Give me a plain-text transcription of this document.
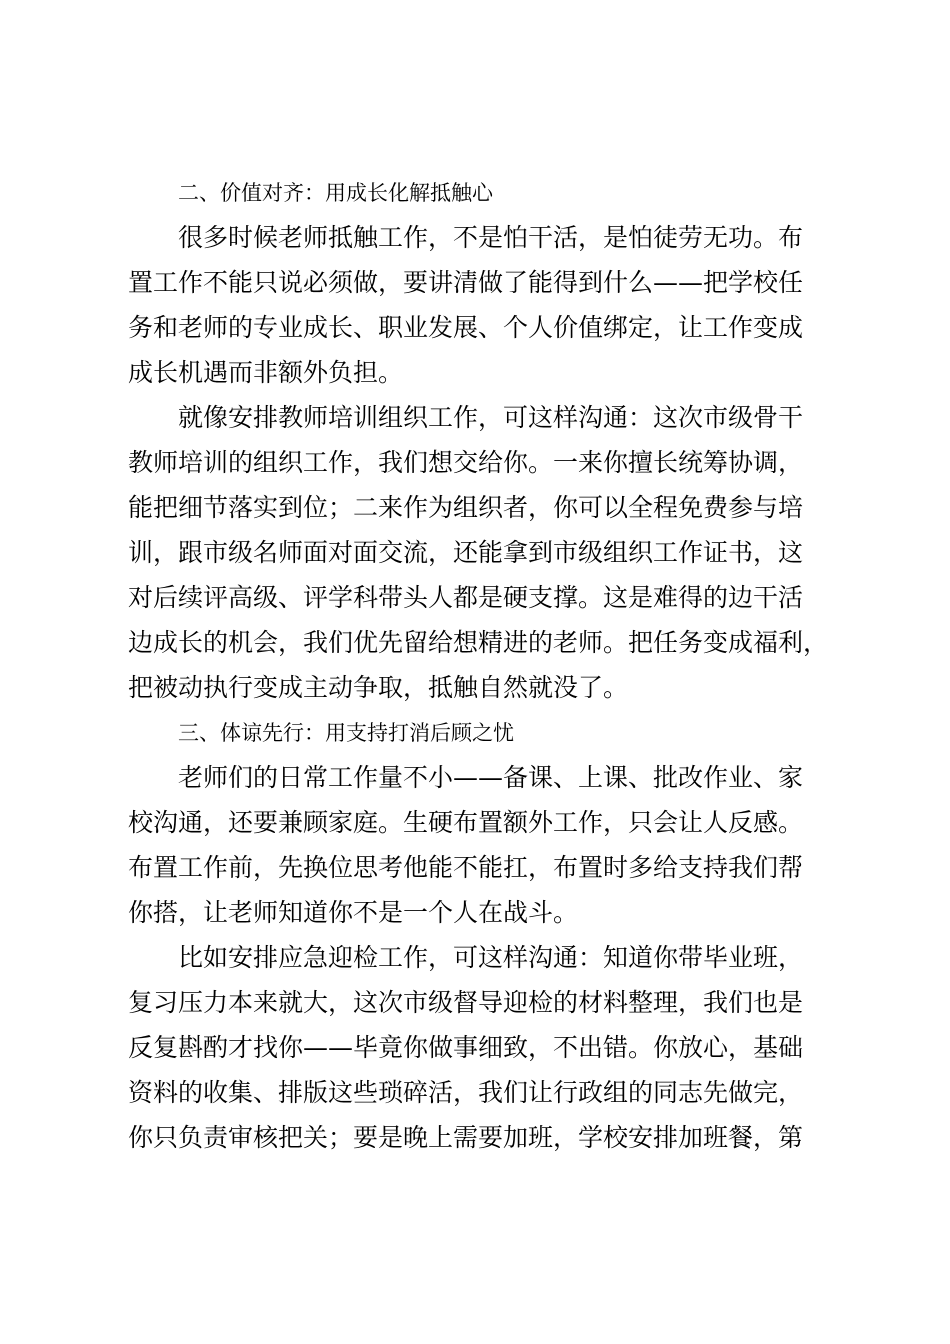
二、价值对齐：用成长化解抵触心
很多时候老师抵触工作，不是怕干活，是怕徒劳无功。布
置工作不能只说必须做，要讲清做了能得到什么——把学校任
务和老师的专业成长、职业发展、个人价值绑定，让工作变成
成长机遇而非额外负担。
就像安排教师培训组织工作，可这样沟通：这次市级骨干
教师培训的组织工作，我们想交给你。一来你擅长统筹协调，
能把细节落实到位；二来作为组织者，你可以全程免费参与培
训，跟市级名师面对面交流，还能拿到市级组织工作证书，这
对后续评高级、评学科带头人都是硬支撑。这是难得的边干活
边成长的机会，我们优先留给想精进的老师。把任务变成福利，
把被动执行变成主动争取，抵触自然就没了。
三、体谅先行：用支持打消后顾之忧
老师们的日常工作量不小——备课、上课、批改作业、家
校沟通，还要兼顾家庭。生硬布置额外工作，只会让人反感。
布置工作前，先换位思考他能不能扛，布置时多给支持我们帮
你搭，让老师知道你不是一个人在战斗。
比如安排应急迎检工作，可这样沟通：知道你带毕业班，
复习压力本来就大，这次市级督导迎检的材料整理，我们也是
反复斟酌才找你——毕竟你做事细致，不出错。你放心，基础
资料的收集、排版这些琐碎活，我们让行政组的同志先做完，
你只负责审核把关；要是晚上需要加班，学校安排加班餐，第
